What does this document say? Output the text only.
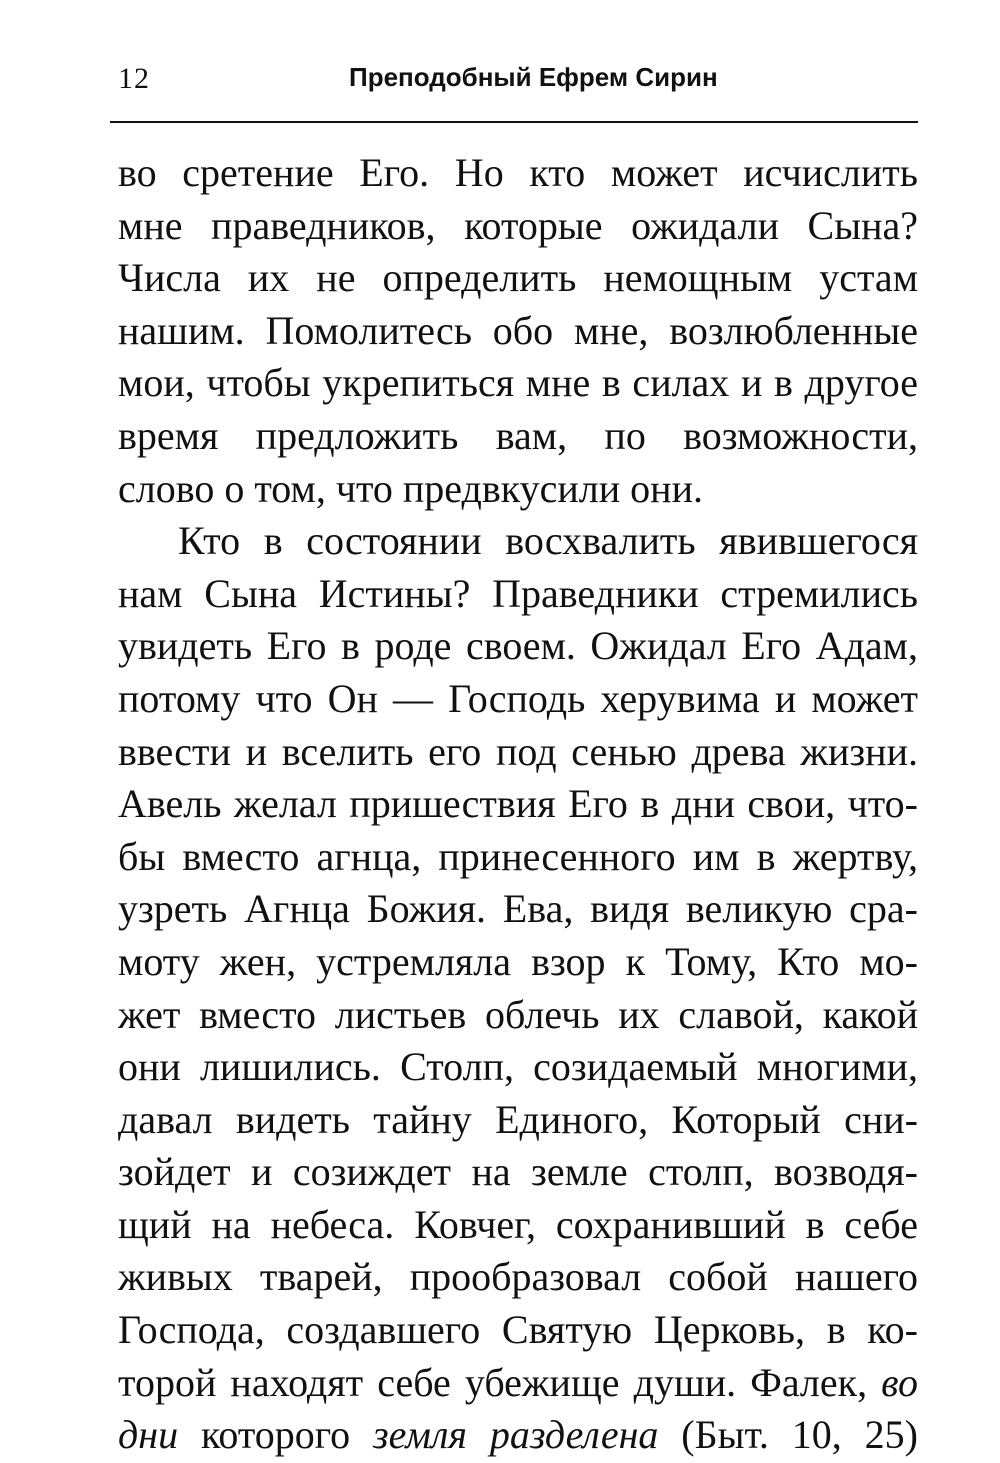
12	Преподобный Ефрем Сирин
во сретение Его. Но кто может исчислить
мне праведников, которые ожидали Сына?
Числа их не определить немощным устам
нашим. Помолитесь обо мне, возлюбленные
мои, чтобы укрепиться мне в силах и в другое
время предложить вам, по возможности,
слово о том, что предвкусили они.
Кто в состоянии восхвалить явившегося
нам Сына Истины? Праведники стремились
увидеть Его в роде своем. Ожидал Его Адам,
потому что Он — Господь херувима и может
ввести и вселить его под сенью древа жизни.
Авель желал пришествия Его в дни свои, что-
бы вместо агнца, принесенного им в жертву,
узреть Агнца Божия. Ева, видя великую сра-
моту жен, устремляла взор к Тому, Кто мо-
жет вместо листьев облечь их славой, какой
они лишились. Столп, созидаемый многими,
давал видеть тайну Единого, Который сни-
зойдет и созиждет на земле столп, возводя-
щий на небеса. Ковчег, сохранивший в себе
живых тварей, прообразовал собой нашего
Господа, создавшего Святую Церковь, в ко-
торой находят себе убежище души. Фалек, во
дни которого земля разделена (Быт. 10, 25)
